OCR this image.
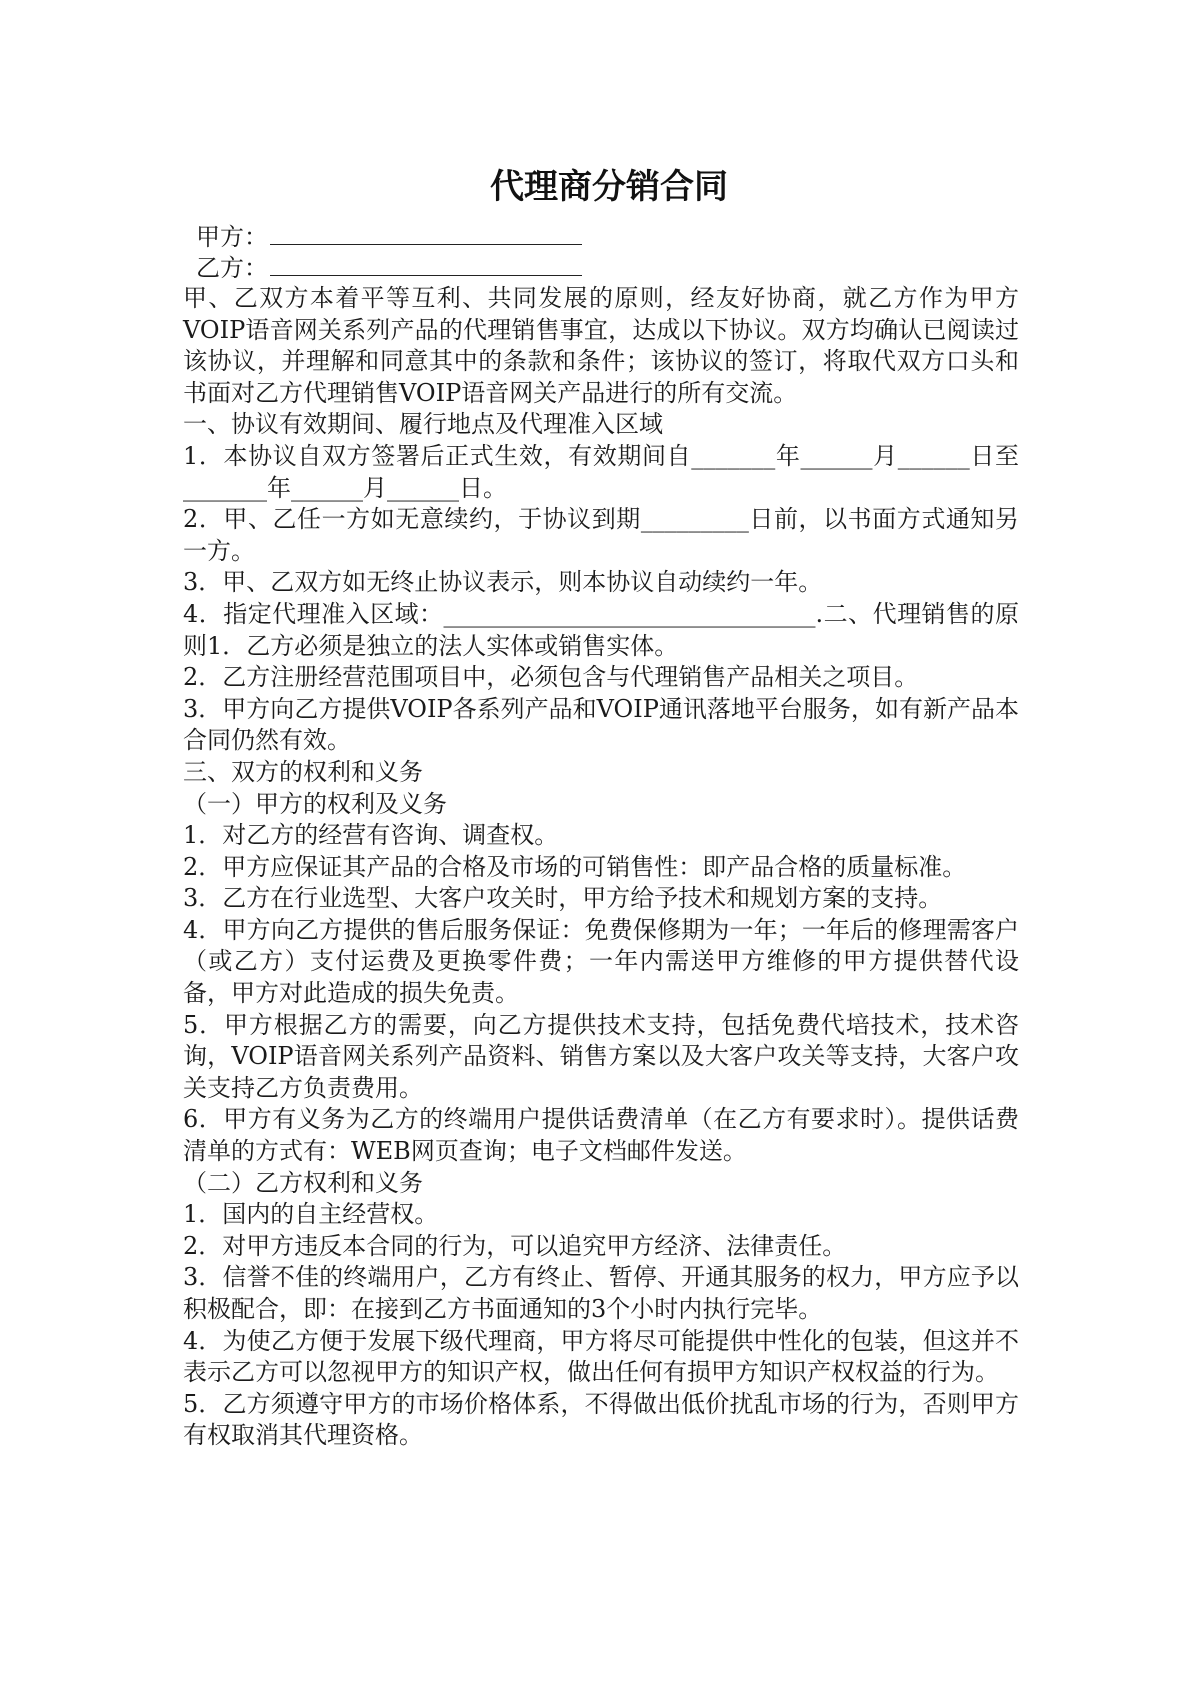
代理商分销合同
甲方：
乙方：

甲、乙双方本着平等互利、共同发展的原则，经友好协商，就乙方作为甲方VOIP语音网关系列产品的代理销售事宜，达成以下协议。双方均确认已阅读过该协议，并理解和同意其中的条款和条件；该协议的签订，将取代双方口头和书面对乙方代理销售VOIP语音网关产品进行的所有交流。

一、协议有效期间、履行地点及代理准入区域

1．本协议自双方签署后正式生效，有效期间自_______年______月______日至_______年______月______日。

2．甲、乙任一方如无意续约，于协议到期_________日前，以书面方式通知另一方。

3．甲、乙双方如无终止协议表示，则本协议自动续约一年。

4．指定代理准入区域：_______________________________.二、代理销售的原则1．乙方必须是独立的法人实体或销售实体。

2．乙方注册经营范围项目中，必须包含与代理销售产品相关之项目。

3．甲方向乙方提供VOIP各系列产品和VOIP通讯落地平台服务，如有新产品本合同仍然有效。

三、双方的权利和义务

（一）甲方的权利及义务

1．对乙方的经营有咨询、调查权。

2．甲方应保证其产品的合格及市场的可销售性：即产品合格的质量标准。

3．乙方在行业选型、大客户攻关时，甲方给予技术和规划方案的支持。

4．甲方向乙方提供的售后服务保证：免费保修期为一年；一年后的修理需客户（或乙方）支付运费及更换零件费；一年内需送甲方维修的甲方提供替代设备，甲方对此造成的损失免责。

5．甲方根据乙方的需要，向乙方提供技术支持，包括免费代培技术，技术咨询，VOIP语音网关系列产品资料、销售方案以及大客户攻关等支持，大客户攻关支持乙方负责费用。

6．甲方有义务为乙方的终端用户提供话费清单（在乙方有要求时）。提供话费清单的方式有：WEB网页查询；电子文档邮件发送。

（二）乙方权利和义务

1．国内的自主经营权。

2．对甲方违反本合同的行为，可以追究甲方经济、法律责任。

3．信誉不佳的终端用户，乙方有终止、暂停、开通其服务的权力，甲方应予以积极配合，即：在接到乙方书面通知的3个小时内执行完毕。

4．为使乙方便于发展下级代理商，甲方将尽可能提供中性化的包装，但这并不表示乙方可以忽视甲方的知识产权，做出任何有损甲方知识产权权益的行为。

5．乙方须遵守甲方的市场价格体系，不得做出低价扰乱市场的行为，否则甲方有权取消其代理资格。
